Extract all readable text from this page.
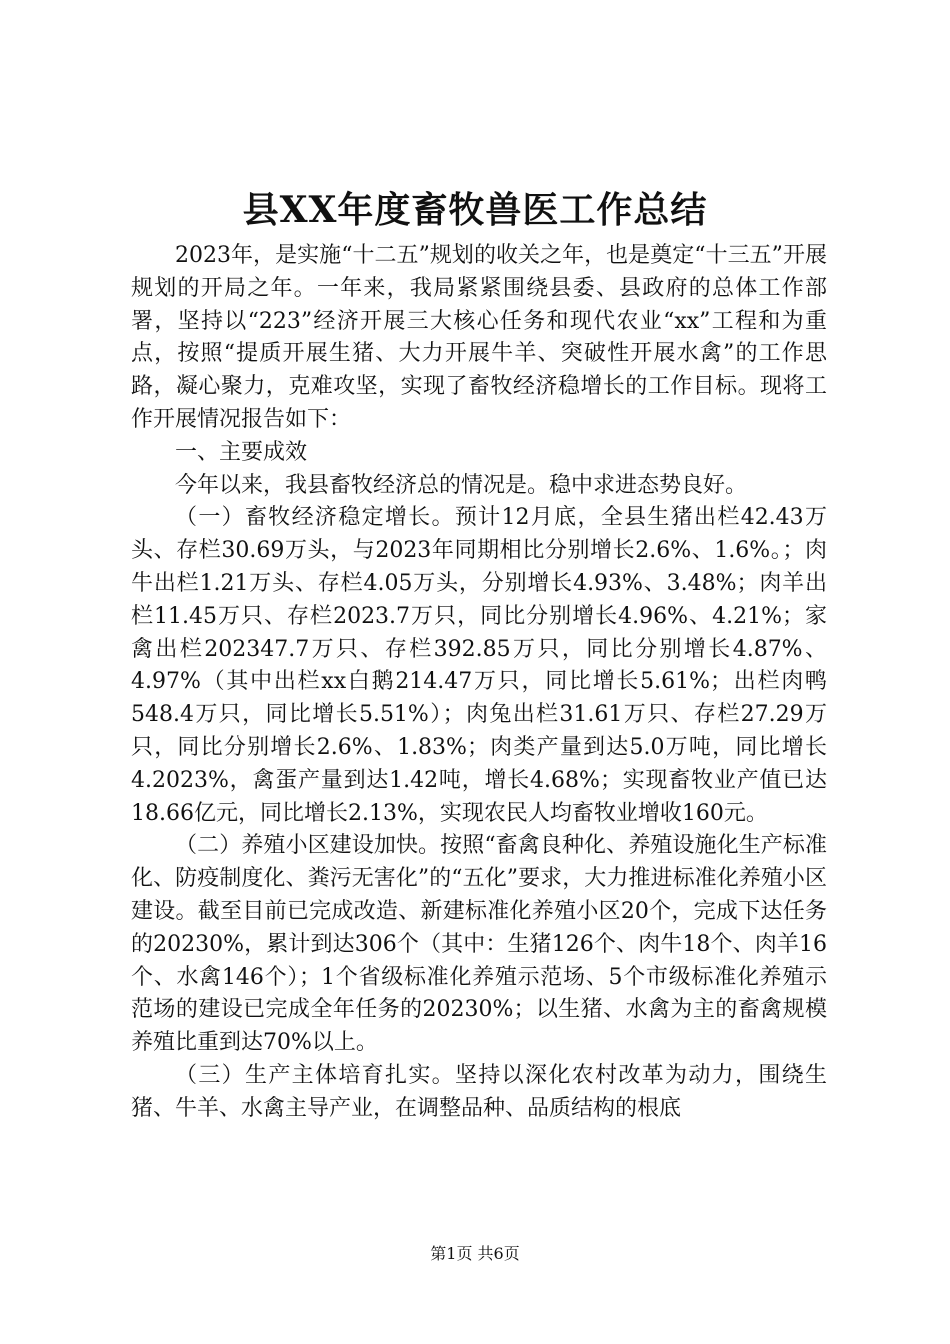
县XX年度畜牧兽医工作总结

2023年，是实施“十二五”规划的收关之年，也是奠定“十三五”开展规划的开局之年。一年来，我局紧紧围绕县委、县政府的总体工作部署，坚持以“223”经济开展三大核心任务和现代农业“xx”工程和为重点，按照“提质开展生猪、大力开展牛羊、突破性开展水禽”的工作思路，凝心聚力，克难攻坚，实现了畜牧经济稳增长的工作目标。现将工作开展情况报告如下：

一、主要成效

今年以来，我县畜牧经济总的情况是。稳中求进态势良好。

（一）畜牧经济稳定增长。预计12月底，全县生猪出栏42.43万头、存栏30.69万头，与2023年同期相比分别增长2.6%、1.6%。；肉牛出栏1.21万头、存栏4.05万头，分别增长4.93%、3.48%；肉羊出栏11.45万只、存栏2023.7万只，同比分别增长4.96%、4.21%；家禽出栏202347.7万只、存栏392.85万只，同比分别增长4.87%、4.97%（其中出栏xx白鹅214.47万只，同比增长5.61%；出栏肉鸭548.4万只，同比增长5.51%）；肉兔出栏31.61万只、存栏27.29万只，同比分别增长2.6%、1.83%；肉类产量到达5.0万吨，同比增长4.2023%，禽蛋产量到达1.42吨，增长4.68%；实现畜牧业产值已达18.66亿元，同比增长2.13%，实现农民人均畜牧业增收160元。

（二）养殖小区建设加快。按照“畜禽良种化、养殖设施化生产标准化、防疫制度化、粪污无害化”的“五化”要求，大力推进标准化养殖小区建设。截至目前已完成改造、新建标准化养殖小区20个，完成下达任务的20230%，累计到达306个（其中：生猪126个、肉牛18个、肉羊16个、水禽146个）；1个省级标准化养殖示范场、5个市级标准化养殖示范场的建设已完成全年任务的20230%；以生猪、水禽为主的畜禽规模养殖比重到达70%以上。

（三）生产主体培育扎实。坚持以深化农村改革为动力，围绕生猪、牛羊、水禽主导产业，在调整品种、品质结构的根底

第1页 共6页
